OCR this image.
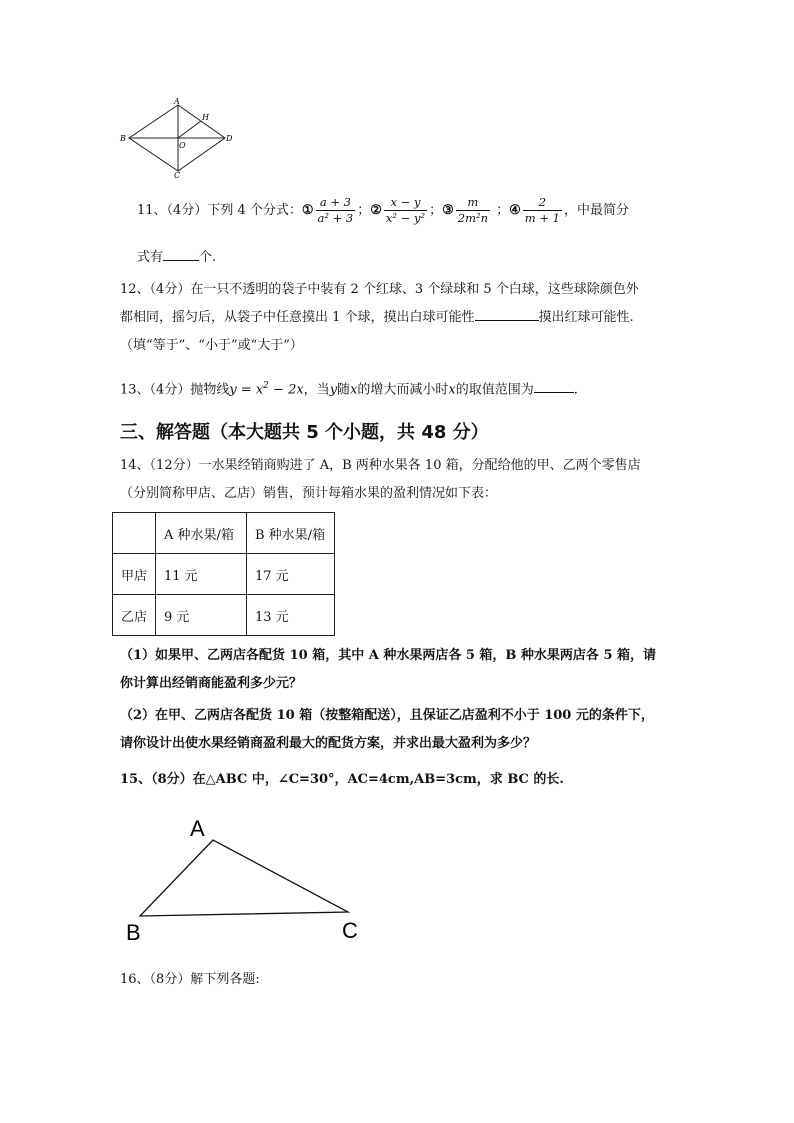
A
H
B
O
D
C
11、（4分）下列 4 个分式：① $\frac{a + 3}{\text{a² + 3}}$ ；② $\frac{x - y}{\text{x² − y²}}$ ；③ $\frac{m}{\text{2m²n}}$ ；④ $\frac{2}{m + 1}$ ，中最简分
式有	个.
12、（4分）在一只不透明的袋子中装有 2 个红球、3 个绿球和 5 个白球，这些球除颜色外
都相同，摇匀后，从袋子中任意摸出 1 个球，摸出白球可能性	摸出红球可能性.
（填“等于”、“小于”或“大于”）
13、（4分）抛物线$y = x^2 - 2x$，当y随x的增大而减小时x的取值范围为	.
三、解答题（本大题共 5 个小题，共 48 分）
14、（12分）一水果经销商购进了 A，B 两种水果各 10 箱，分配给他的甲、乙两个零售店
（分别简称甲店、乙店）销售，预计每箱水果的盈利情况如下表：
	A 种水果/箱	B 种水果/箱
甲店	11 元	17 元
乙店	9 元	13 元
（1）如果甲、乙两店各配货 10 箱，其中 A 种水果两店各 5 箱，B 种水果两店各 5 箱，请
你计算出经销商能盈利多少元？
（2）在甲、乙两店各配货 10 箱（按整箱配送），且保证乙店盈利不小于 100 元的条件下，
请你设计出使水果经销商盈利最大的配货方案，并求出最大盈利为多少？
15、（8分）在△ABC 中，∠C=30°，AC=4cm,AB=3cm，求 BC 的长.
A
B	C
16、（8分）解下列各题:
